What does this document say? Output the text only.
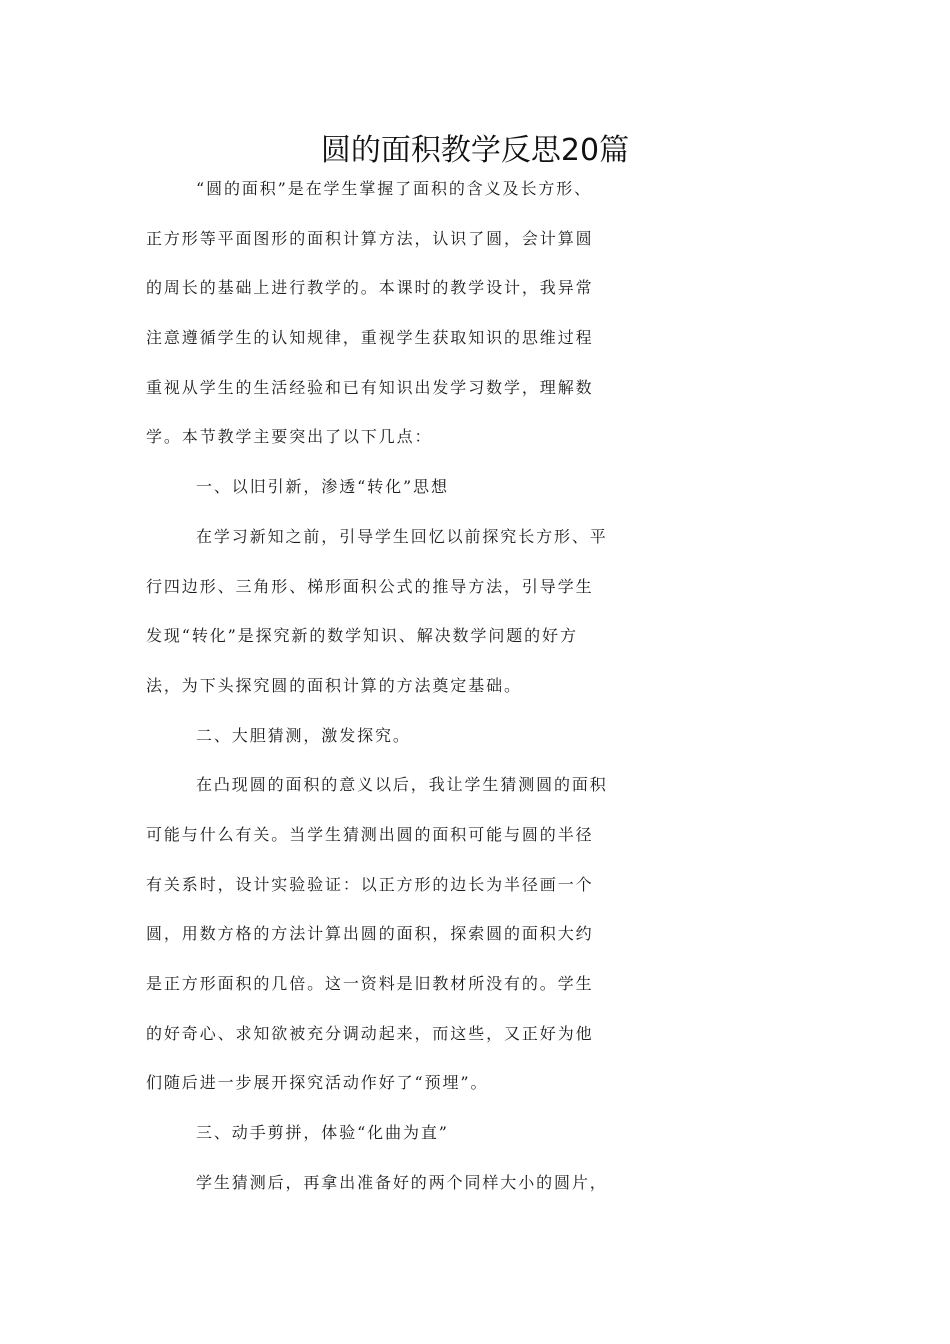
圆的面积教学反思20篇
“圆的面积”是在学生掌握了面积的含义及长方形、
正方形等平面图形的面积计算方法，认识了圆，会计算圆
的周长的基础上进行教学的。本课时的教学设计，我异常
注意遵循学生的认知规律，重视学生获取知识的思维过程
重视从学生的生活经验和已有知识出发学习数学，理解数
学。本节教学主要突出了以下几点：
一、以旧引新，渗透“转化”思想
在学习新知之前，引导学生回忆以前探究长方形、平
行四边形、三角形、梯形面积公式的推导方法，引导学生
发现“转化”是探究新的数学知识、解决数学问题的好方
法，为下头探究圆的面积计算的方法奠定基础。
二、大胆猜测，激发探究。
在凸现圆的面积的意义以后，我让学生猜测圆的面积
可能与什么有关。当学生猜测出圆的面积可能与圆的半径
有关系时，设计实验验证：以正方形的边长为半径画一个
圆，用数方格的方法计算出圆的面积，探索圆的面积大约
是正方形面积的几倍。这一资料是旧教材所没有的。学生
的好奇心、求知欲被充分调动起来，而这些，又正好为他
们随后进一步展开探究活动作好了“预埋”。
三、动手剪拼，体验“化曲为直”
学生猜测后，再拿出准备好的两个同样大小的圆片，
